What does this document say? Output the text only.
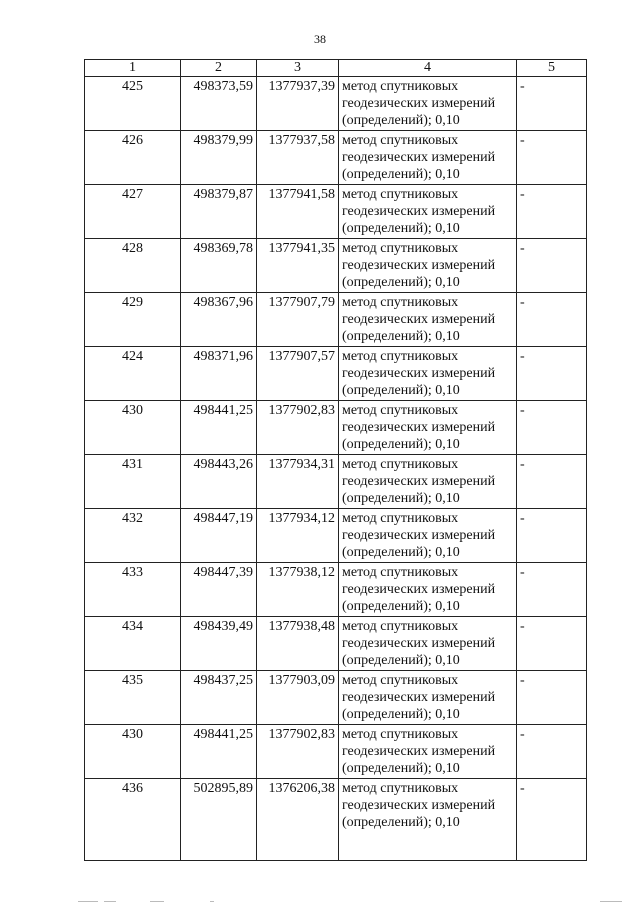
38
1	2	3	4	5
425	498373,59	1377937,39	метод спутниковых геодезических измерений (определений); 0,10	-
426	498379,99	1377937,58	метод спутниковых геодезических измерений (определений); 0,10	-
427	498379,87	1377941,58	метод спутниковых геодезических измерений (определений); 0,10	-
428	498369,78	1377941,35	метод спутниковых геодезических измерений (определений); 0,10	-
429	498367,96	1377907,79	метод спутниковых геодезических измерений (определений); 0,10	-
424	498371,96	1377907,57	метод спутниковых геодезических измерений (определений); 0,10	-
430	498441,25	1377902,83	метод спутниковых геодезических измерений (определений); 0,10	-
431	498443,26	1377934,31	метод спутниковых геодезических измерений (определений); 0,10	-
432	498447,19	1377934,12	метод спутниковых геодезических измерений (определений); 0,10	-
433	498447,39	1377938,12	метод спутниковых геодезических измерений (определений); 0,10	-
434	498439,49	1377938,48	метод спутниковых геодезических измерений (определений); 0,10	-
435	498437,25	1377903,09	метод спутниковых геодезических измерений (определений); 0,10	-
430	498441,25	1377902,83	метод спутниковых геодезических измерений (определений); 0,10	-
436	502895,89	1376206,38	метод спутниковых геодезических измерений (определений); 0,10	-
